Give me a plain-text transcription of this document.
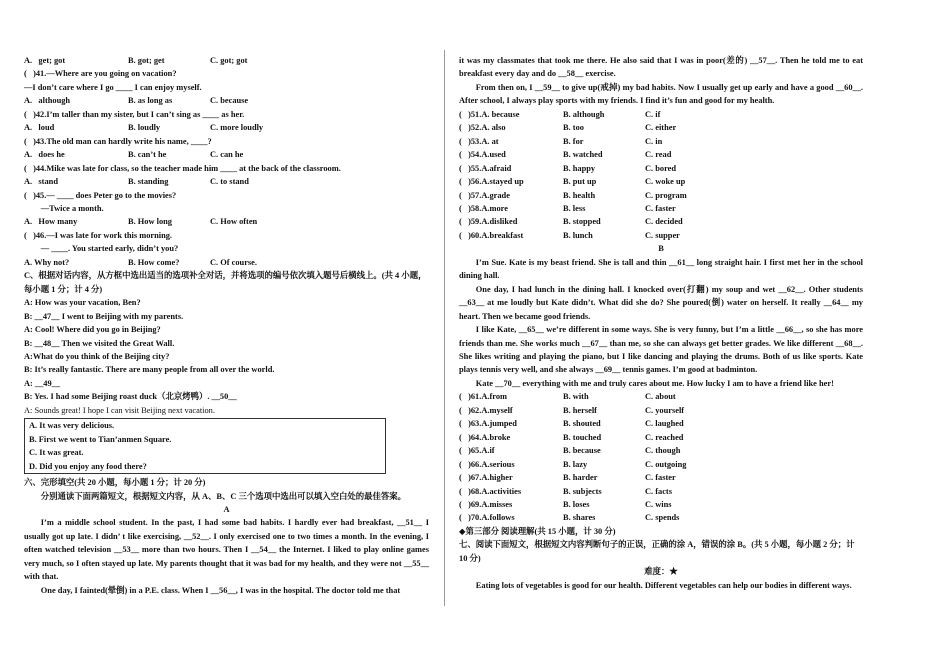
A.   get; got	B. got; get	C. got; got
(   )41.—Where are you going on vacation?
—I don’t care where I go ____ I can enjoy myself.
A.   although	B. as long as	C. because
(   )42.I’m taller than my sister, but I can’t sing as ____ as her.
A.   loud	B. loudly	C. more loudly
(   )43.The old man can hardly write his name, ____?
A.   does he	B. can’t he	C. can he
(   )44.Mike was late for class, so the teacher made him ____ at the back of the classroom.
A.   stand	B. standing	C. to stand
(   )45.— ____ does Peter go to the movies?
—Twice a month.
A.   How many	B. How long	C. How often
(   )46.—I was late for work this morning.
— ____. You started early, didn’t you?
A. Why not?	B. How come?	C. Of course.
C、根据对话内容，从方框中选出适当的选项补全对话，并将选项的编号依次填入题号后横线上。(共 4 小题，每小题 1 分；计 4 分)
A: How was your vacation, Ben?
B: __47__ I went to Beijing with my parents.
A: Cool! Where did you go in Beijing?
B: __48__ Then we visited the Great Wall.
A:What do you think of the Beijing city?
B: It’s really fantastic. There are many people from all over the world.
A: __49__
B: Yes. I had some Beijing roast duck（北京烤鸭）. __50__
A: Sounds great! I hope I can visit Beijing next vacation.
A. It was very delicious.
B. First we went to Tian’anmen Square.
C. It was great.
D. Did you enjoy any food there?
六、完形填空(共 20 小题，每小题 1 分；计 20 分)
分别通读下面两篇短文，根据短文内容，从 A、B、C 三个选项中选出可以填入空白处的最佳答案。
A
I’m a middle school student. In the past, I had some bad habits. I hardly ever had breakfast, __51__ I usually got up late. I didn’ t like exercising, __52__. I only exercised one to two times a month. In the evening, I often watched television __53__ more than two hours. Then I __54__ the Internet. I liked to play online games very much, so I often stayed up late. My parents thought that it was bad for my health, and they were not __55__ with that.
One day, I fainted(晕倒) in a P.E. class. When I __56__, I was in the hospital. The doctor told me that
it was my classmates that took me there. He also said that I was in poor(差的) __57__. Then he told me to eat breakfast every day and do __58__ exercise.
From then on, I __59__ to give up(戒掉) my bad habits. Now I usually get up early and have a good __60__. After school, I always play sports with my friends. I find it’s fun and good for my health.
(   )51.A. because	B. although	C. if
(   )52.A. also	B. too	C. either
(   )53.A. at	B. for	C. in
(   )54.A.used	B. watched	C. read
(   )55.A.afraid	B. happy	C. bored
(   )56.A.stayed up	B. put up	C. woke up
(   )57.A.grade	B. health	C. program
(   )58.A.more	B. less	C. faster
(   )59.A.disliked	B. stopped	C. decided
(   )60.A.breakfast	B. lunch	C. supper
B
I’m Sue. Kate is my beast friend. She is tall and thin __61__ long straight hair. I first met her in the school dining hall.
One day, I had lunch in the dining hall. I knocked over(打翻) my soup and wet __62__. Other students __63__ at me loudly but Kate didn’t. What did she do? She poured(倒) water on herself. It really __64__ my heart. Then we became good friends.
I like Kate, __65__ we’re different in some ways. She is very funny, but I’m a little __66__, so she has more friends than me. She works much __67__ than me, so she can always get better grades. We like different __68__. She likes writing and playing the piano, but I like dancing and playing the drums. Both of us like sports. Kate plays tennis very well, and she always __69__ tennis games. I’m good at badminton.
Kate __70__ everything with me and truly cares about me. How lucky I am to have a friend like her!
(   )61.A.from	B. with	C. about
(   )62.A.myself	B. herself	C. yourself
(   )63.A.jumped	B. shouted	C. laughed
(   )64.A.broke	B. touched	C. reached
(   )65.A.if	B. because	C. though
(   )66.A.serious	B. lazy	C. outgoing
(   )67.A.higher	B. harder	C. faster
(   )68.A.activities	B. subjects	C. facts
(   )69.A.misses	B. loses	C. wins
(   )70.A.follows	B. shares	C. spends
◆第三部分 阅读理解(共 15 小题，计 30 分)
七、阅读下面短文，根据短文内容判断句子的正误，正确的涂 A，错误的涂 B。(共 5 小题，每小题 2 分；计 10 分)
难度：★
Eating lots of vegetables is good for our health. Different vegetables can help our bodies in different ways.
